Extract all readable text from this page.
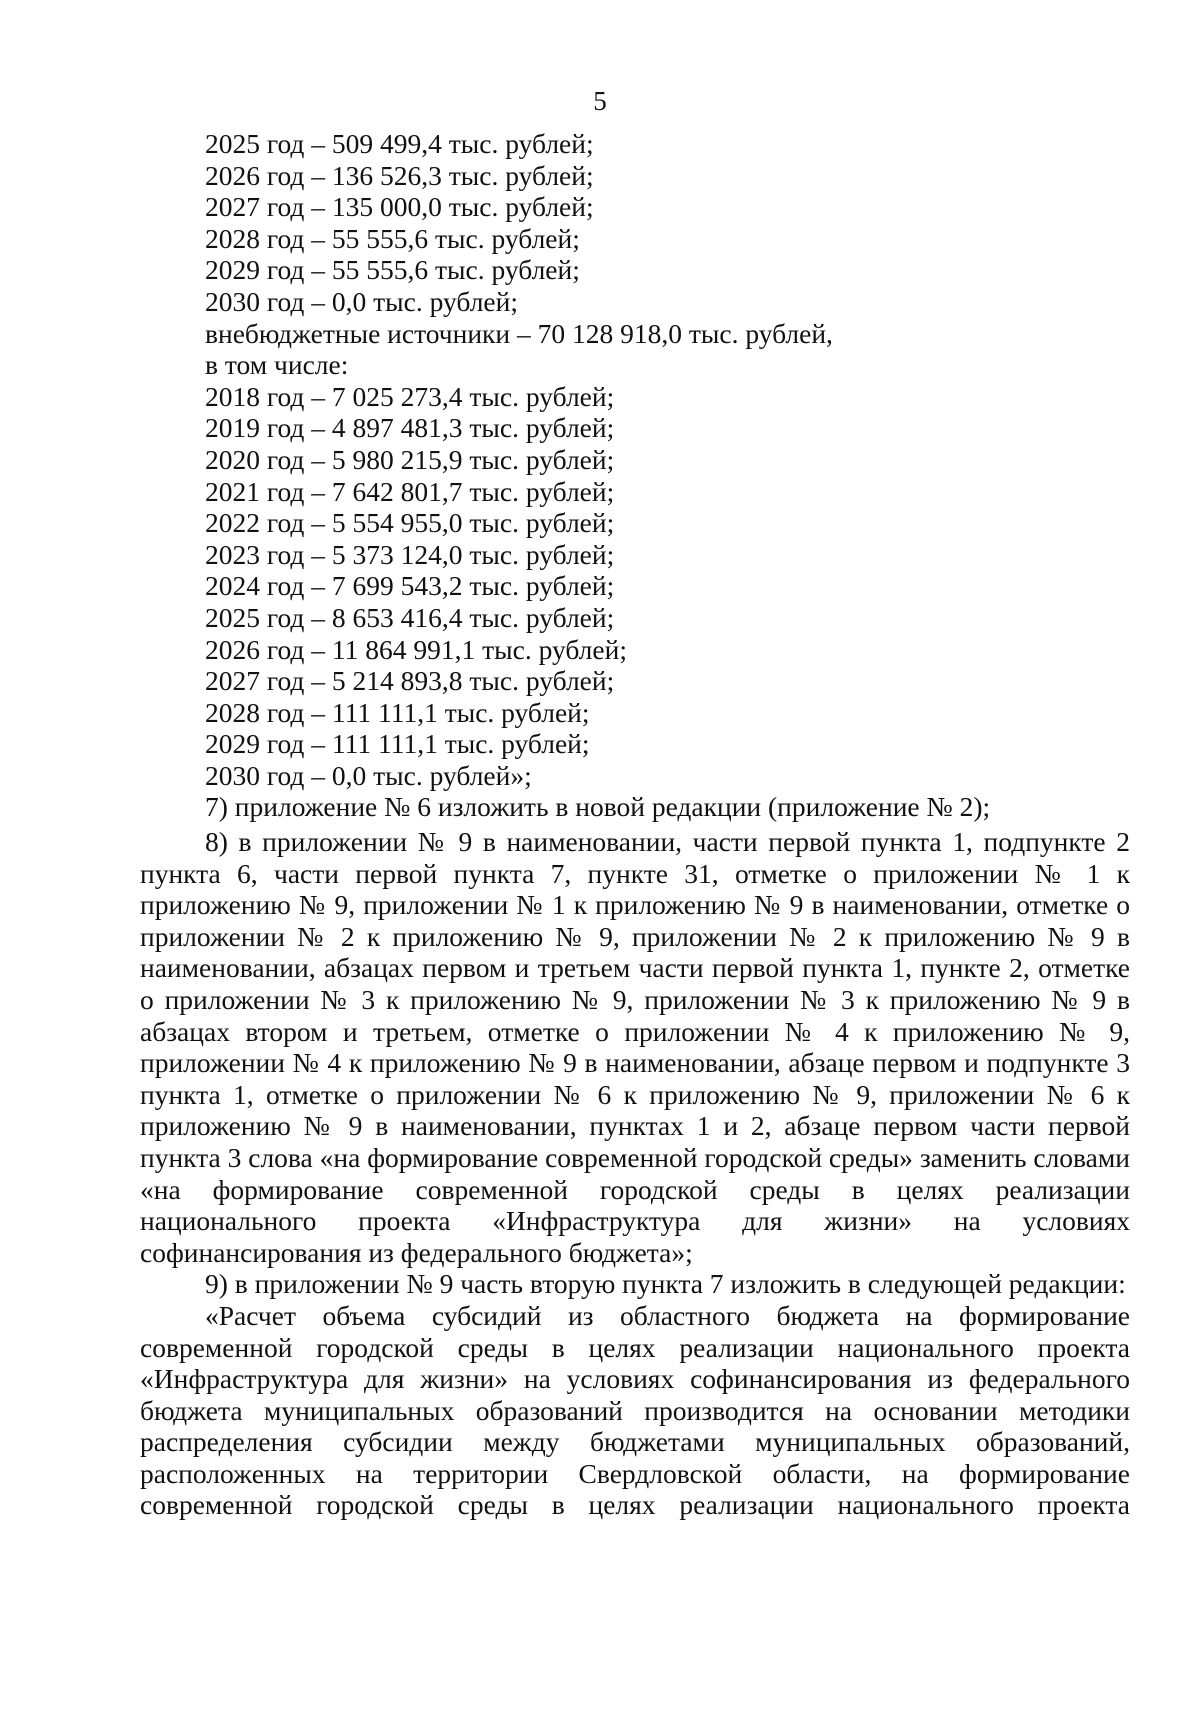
5
2025 год – 509 499,4 тыс. рублей;
2026 год – 136 526,3 тыс. рублей;
2027 год – 135 000,0 тыс. рублей;
2028 год – 55 555,6 тыс. рублей;
2029 год – 55 555,6 тыс. рублей;
2030 год – 0,0 тыс. рублей;
внебюджетные источники – 70 128 918,0 тыс. рублей,
в том числе:
2018 год – 7 025 273,4 тыс. рублей;
2019 год – 4 897 481,3 тыс. рублей;
2020 год – 5 980 215,9 тыс. рублей;
2021 год – 7 642 801,7 тыс. рублей;
2022 год – 5 554 955,0 тыс. рублей;
2023 год – 5 373 124,0 тыс. рублей;
2024 год – 7 699 543,2 тыс. рублей;
2025 год – 8 653 416,4 тыс. рублей;
2026 год – 11 864 991,1 тыс. рублей;
2027 год – 5 214 893,8 тыс. рублей;
2028 год – 111 111,1 тыс. рублей;
2029 год – 111 111,1 тыс. рублей;
2030 год – 0,0 тыс. рублей»;
7) приложение № 6 изложить в новой редакции (приложение № 2);

8) в приложении № 9 в наименовании, части первой пункта 1, подпункте 2 пункта 6, части первой пункта 7, пункте 31, отметке о приложении № 1 к приложению № 9, приложении № 1 к приложению № 9 в наименовании, отметке о приложении № 2 к приложению № 9, приложении № 2 к приложению № 9 в наименовании, абзацах первом и третьем части первой пункта 1, пункте 2, отметке о приложении № 3 к приложению № 9, приложении № 3 к приложению № 9 в абзацах втором и третьем, отметке о приложении № 4 к приложению № 9, приложении № 4 к приложению № 9 в наименовании, абзаце первом и подпункте 3 пункта 1, отметке о приложении № 6 к приложению № 9, приложении № 6 к приложению № 9 в наименовании, пунктах 1 и 2, абзаце первом части первой пункта 3 слова «на формирование современной городской среды» заменить словами «на формирование современной городской среды в целях реализации национального проекта «Инфраструктура для жизни» на условиях софинансирования из федерального бюджета»;

9) в приложении № 9 часть вторую пункта 7 изложить в следующей редакции:

«Расчет объема субсидий из областного бюджета на формирование современной городской среды в целях реализации национального проекта «Инфраструктура для жизни» на условиях софинансирования из федерального бюджета муниципальных образований производится на основании методики распределения субсидии между бюджетами муниципальных образований, расположенных на территории Свердловской области, на формирование современной городской среды в целях реализации национального проекта
